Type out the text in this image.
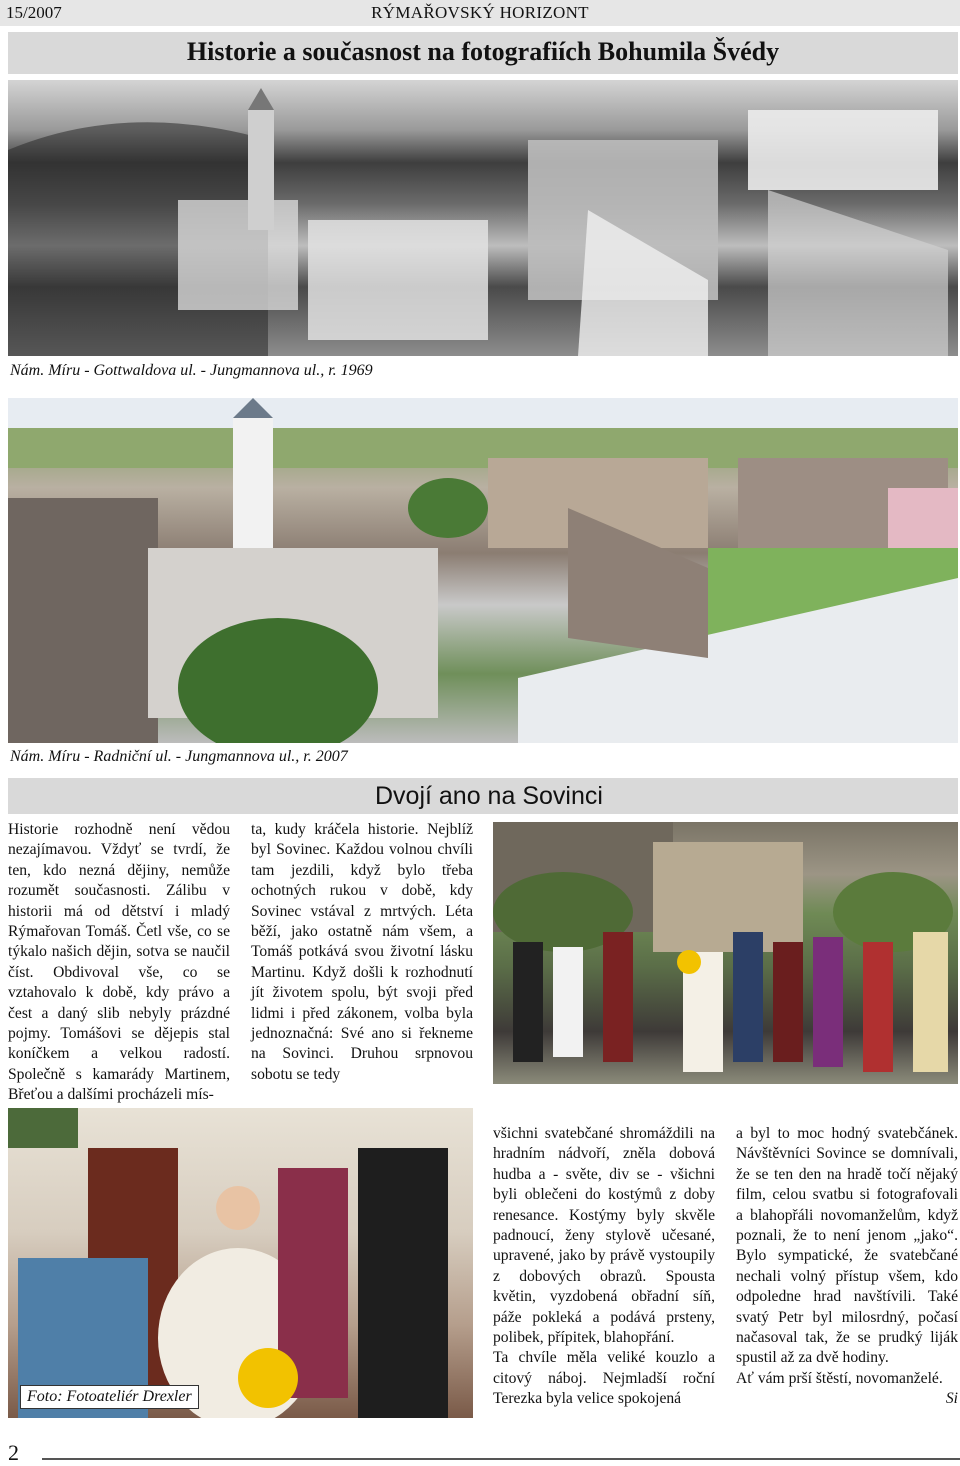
15/2007	RÝMAŘOVSKÝ HORIZONT
Historie a současnost na fotografiích Bohumila Švédy
Nám. Míru - Gottwaldova ul. - Jungmannova ul., r. 1969
Nám. Míru - Radniční ul. - Jungmannova ul., r. 2007
Dvojí ano na Sovinci

Historie rozhodně není vědou nezajímavou. Vždyť se tvrdí, že ten, kdo nezná dějiny, nemůže rozumět současnosti. Zálibu v historii má od dětství i mladý Rýmařovan Tomáš. Četl vše, co se týkalo našich dějin, sotva se naučil číst. Obdivoval vše, co se vztahovalo k době, kdy právo a čest a daný slib nebyly prázdné pojmy. Tomášovi se dějepis stal koníčkem a velkou radostí. Společně s kamarády Martinem, Břeťou a dalšími procházeli mís-

ta, kudy kráčela historie. Nejblíž byl Sovinec. Každou volnou chvíli tam jezdili, když bylo třeba ochotných rukou v době, kdy Sovinec vstával z mrtvých. Léta běží, jako ostatně nám všem, a Tomáš potkává svou životní lásku Martinu. Když došli k rozhodnutí jít životem spolu, být svoji před lidmi i před zákonem, volba byla jednoznačná: Své ano si řekneme na Sovinci. Druhou srpnovou sobotu se tedy

Foto: Fotoateliér Drexler

všichni svatebčané shromáždili na hradním nádvoří, zněla dobová hudba a - světe, div se - všichni byli oblečeni do kostýmů z doby renesance. Kostýmy byly skvěle padnoucí, ženy stylově učesané, upravené, jako by právě vystoupily z dobových obrazů. Spousta květin, vyzdobená obřadní síň, páže pokleká a podává prsteny, polibek, přípitek, blahopřání.

Ta chvíle měla veliké kouzlo a citový náboj. Nejmladší roční Terezka byla velice spokojená

a byl to moc hodný svatebčánek. Návštěvníci Sovince se domnívali, že se ten den na hradě točí nějaký film, celou svatbu si fotografovali a blahopřáli novomanželům, když poznali, že to není jenom „jako“. Bylo sympatické, že svatebčané nechali volný přístup všem, kdo odpoledne hrad navštívili. Také svatý Petr byl milosrdný, počasí načasoval tak, že se prudký liják spustil až za dvě hodiny.

Ať vám prší štěstí, novomanželé.

Si

2
